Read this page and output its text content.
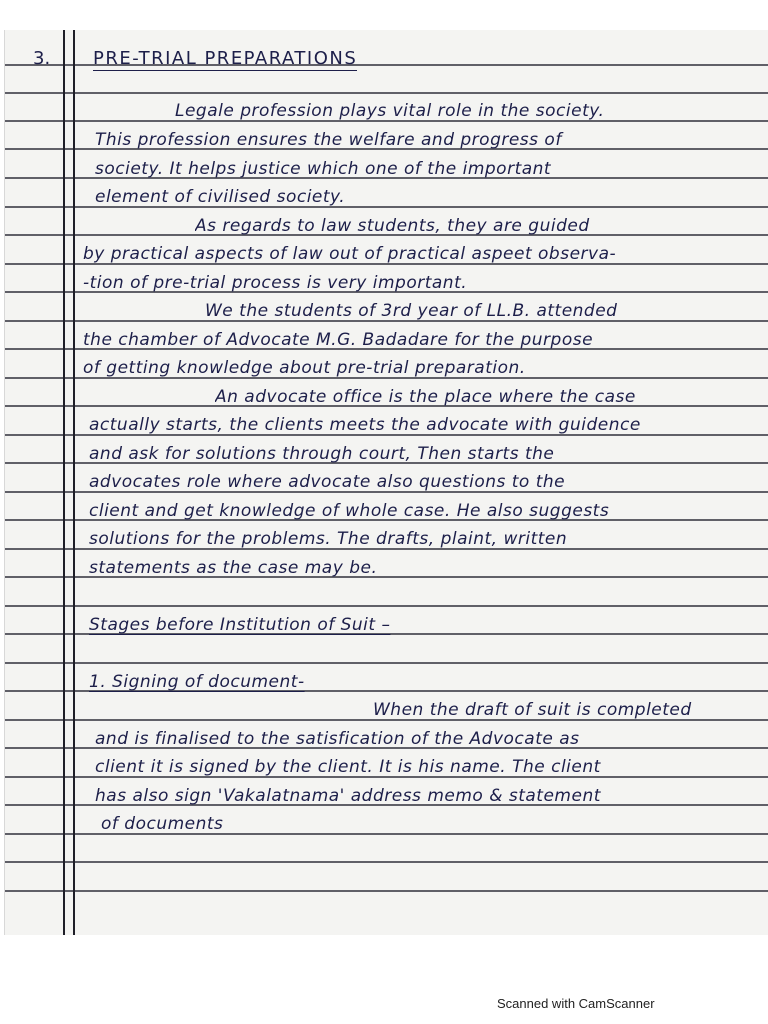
3. PRE-TRIAL PREPARATIONS
Legale profession plays vital role in the society.
This profession ensures the welfare and progress of
society. It helps justice which one of the important
element of civilised society.
As regards to law students, they are guided
by practical aspects of law out of practical aspeet observa-
-tion of pre-trial process is very important.
We the students of 3rd year of LL.B. attended
the chamber of Advocate M.G. Badadare for the purpose
of getting knowledge about pre-trial preparation.
An advocate office is the place where the case
actually starts, the clients meets the advocate with guidence
and ask for solutions through court, Then starts the
advocates role where advocate also questions to the
client and get knowledge of whole case. He also suggests
solutions for the problems. The drafts, plaint, written
statements as the case may be.
Stages before Institution of Suit –
1. Signing of document-
When the draft of suit is completed
and is finalised to the satisfication of the Advocate as
client it is signed by the client. It is his name. The client
has also sign 'Vakalatnama' address memo & statement
of documents
Scanned with CamScanner
